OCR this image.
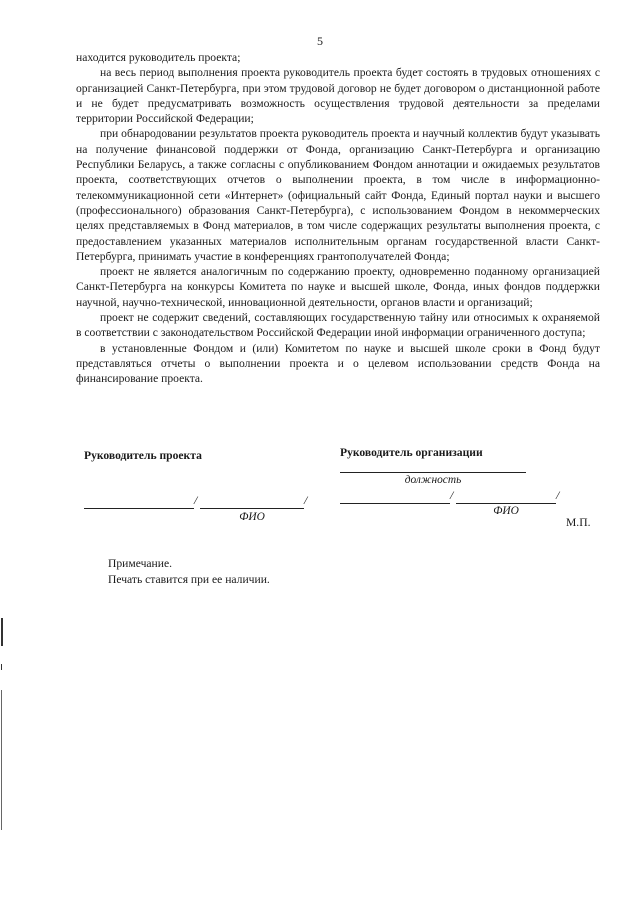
5

находится руководитель проекта;

на весь период выполнения проекта руководитель проекта будет состоять в трудовых отношениях с организацией Санкт-Петербурга, при этом трудовой договор не будет договором о дистанционной работе и не будет предусматривать возможность осуществления трудовой деятельности за пределами территории Российской Федерации;

при обнародовании результатов проекта руководитель проекта и научный коллектив будут указывать на получение финансовой поддержки от Фонда, организацию Санкт-Петербурга и организацию Республики Беларусь, а также согласны с опубликованием Фондом аннотации и ожидаемых результатов проекта, соответствующих отчетов о выполнении проекта, в том числе в информационно-телекоммуникационной сети «Интернет» (официальный сайт Фонда, Единый портал науки и высшего (профессионального) образования Санкт-Петербурга), с использованием Фондом в некоммерческих целях представляемых в Фонд материалов, в том числе содержащих результаты выполнения проекта, с предоставлением указанных материалов исполнительным органам государственной власти Санкт-Петербурга, принимать участие в конференциях грантополучателей Фонда;

проект не является аналогичным по содержанию проекту, одновременно поданному организацией Санкт-Петербурга на конкурсы Комитета по науке и высшей школе, Фонда, иных фондов поддержки научной, научно-технической, инновационной деятельности, органов власти и организаций;

проект не содержит сведений, составляющих государственную тайну или относимых к охраняемой в соответствии с законодательством Российской Федерации иной информации ограниченного доступа;

в установленные Фондом и (или) Комитетом по науке и высшей школе сроки в Фонд будут представляться отчеты о выполнении проекта и о целевом использовании средств Фонда на финансирование проекта.

Руководитель проекта
/	/
ФИО
Руководитель организации
должность
/	/
ФИО
М.П.
Примечание.
Печать ставится при ее наличии.
